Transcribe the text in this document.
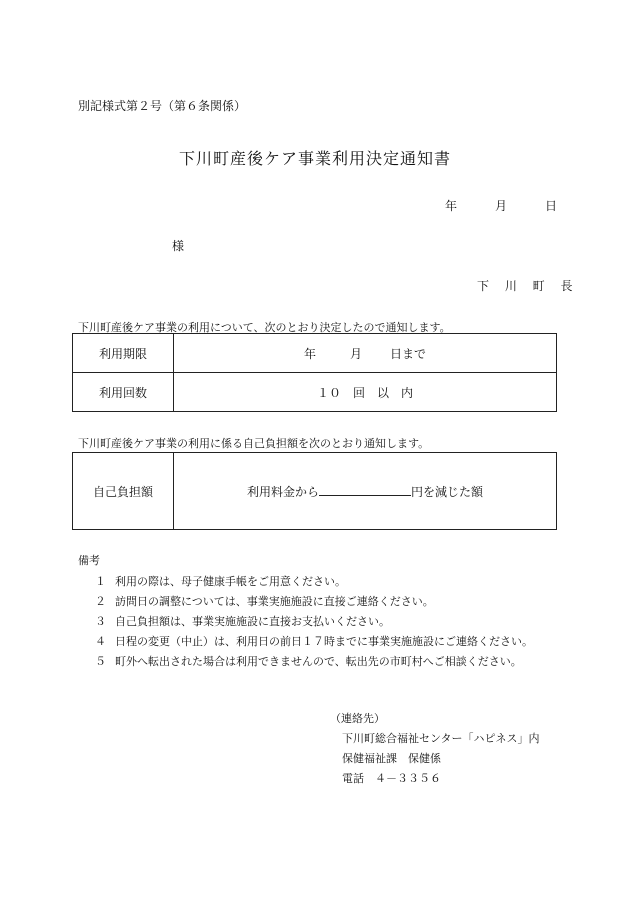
別記様式第２号（第６条関係）
下川町産後ケア事業利用決定通知書
年	月	日
様
下 川 町 長
下川町産後ケア事業の利用について、次のとおり決定したので通知します。
利用期限	年 月 日まで
利用回数	１０　回　以　内
下川町産後ケア事業の利用に係る自己負担額を次のとおり通知します。
自己負担額	利用料金から	円を減じた額
備考
１ 利用の際は、母子健康手帳をご用意ください。
２ 訪問日の調整については、事業実施施設に直接ご連絡ください。
３ 自己負担額は、事業実施施設に直接お支払いください。
４ 日程の変更（中止）は、利用日の前日１７時までに事業実施施設にご連絡ください。
５ 町外へ転出された場合は利用できませんので、転出先の市町村へご相談ください。
（連絡先）
下川町総合福祉センター「ハピネス」内
保健福祉課　保健係
電話　４－３３５６
